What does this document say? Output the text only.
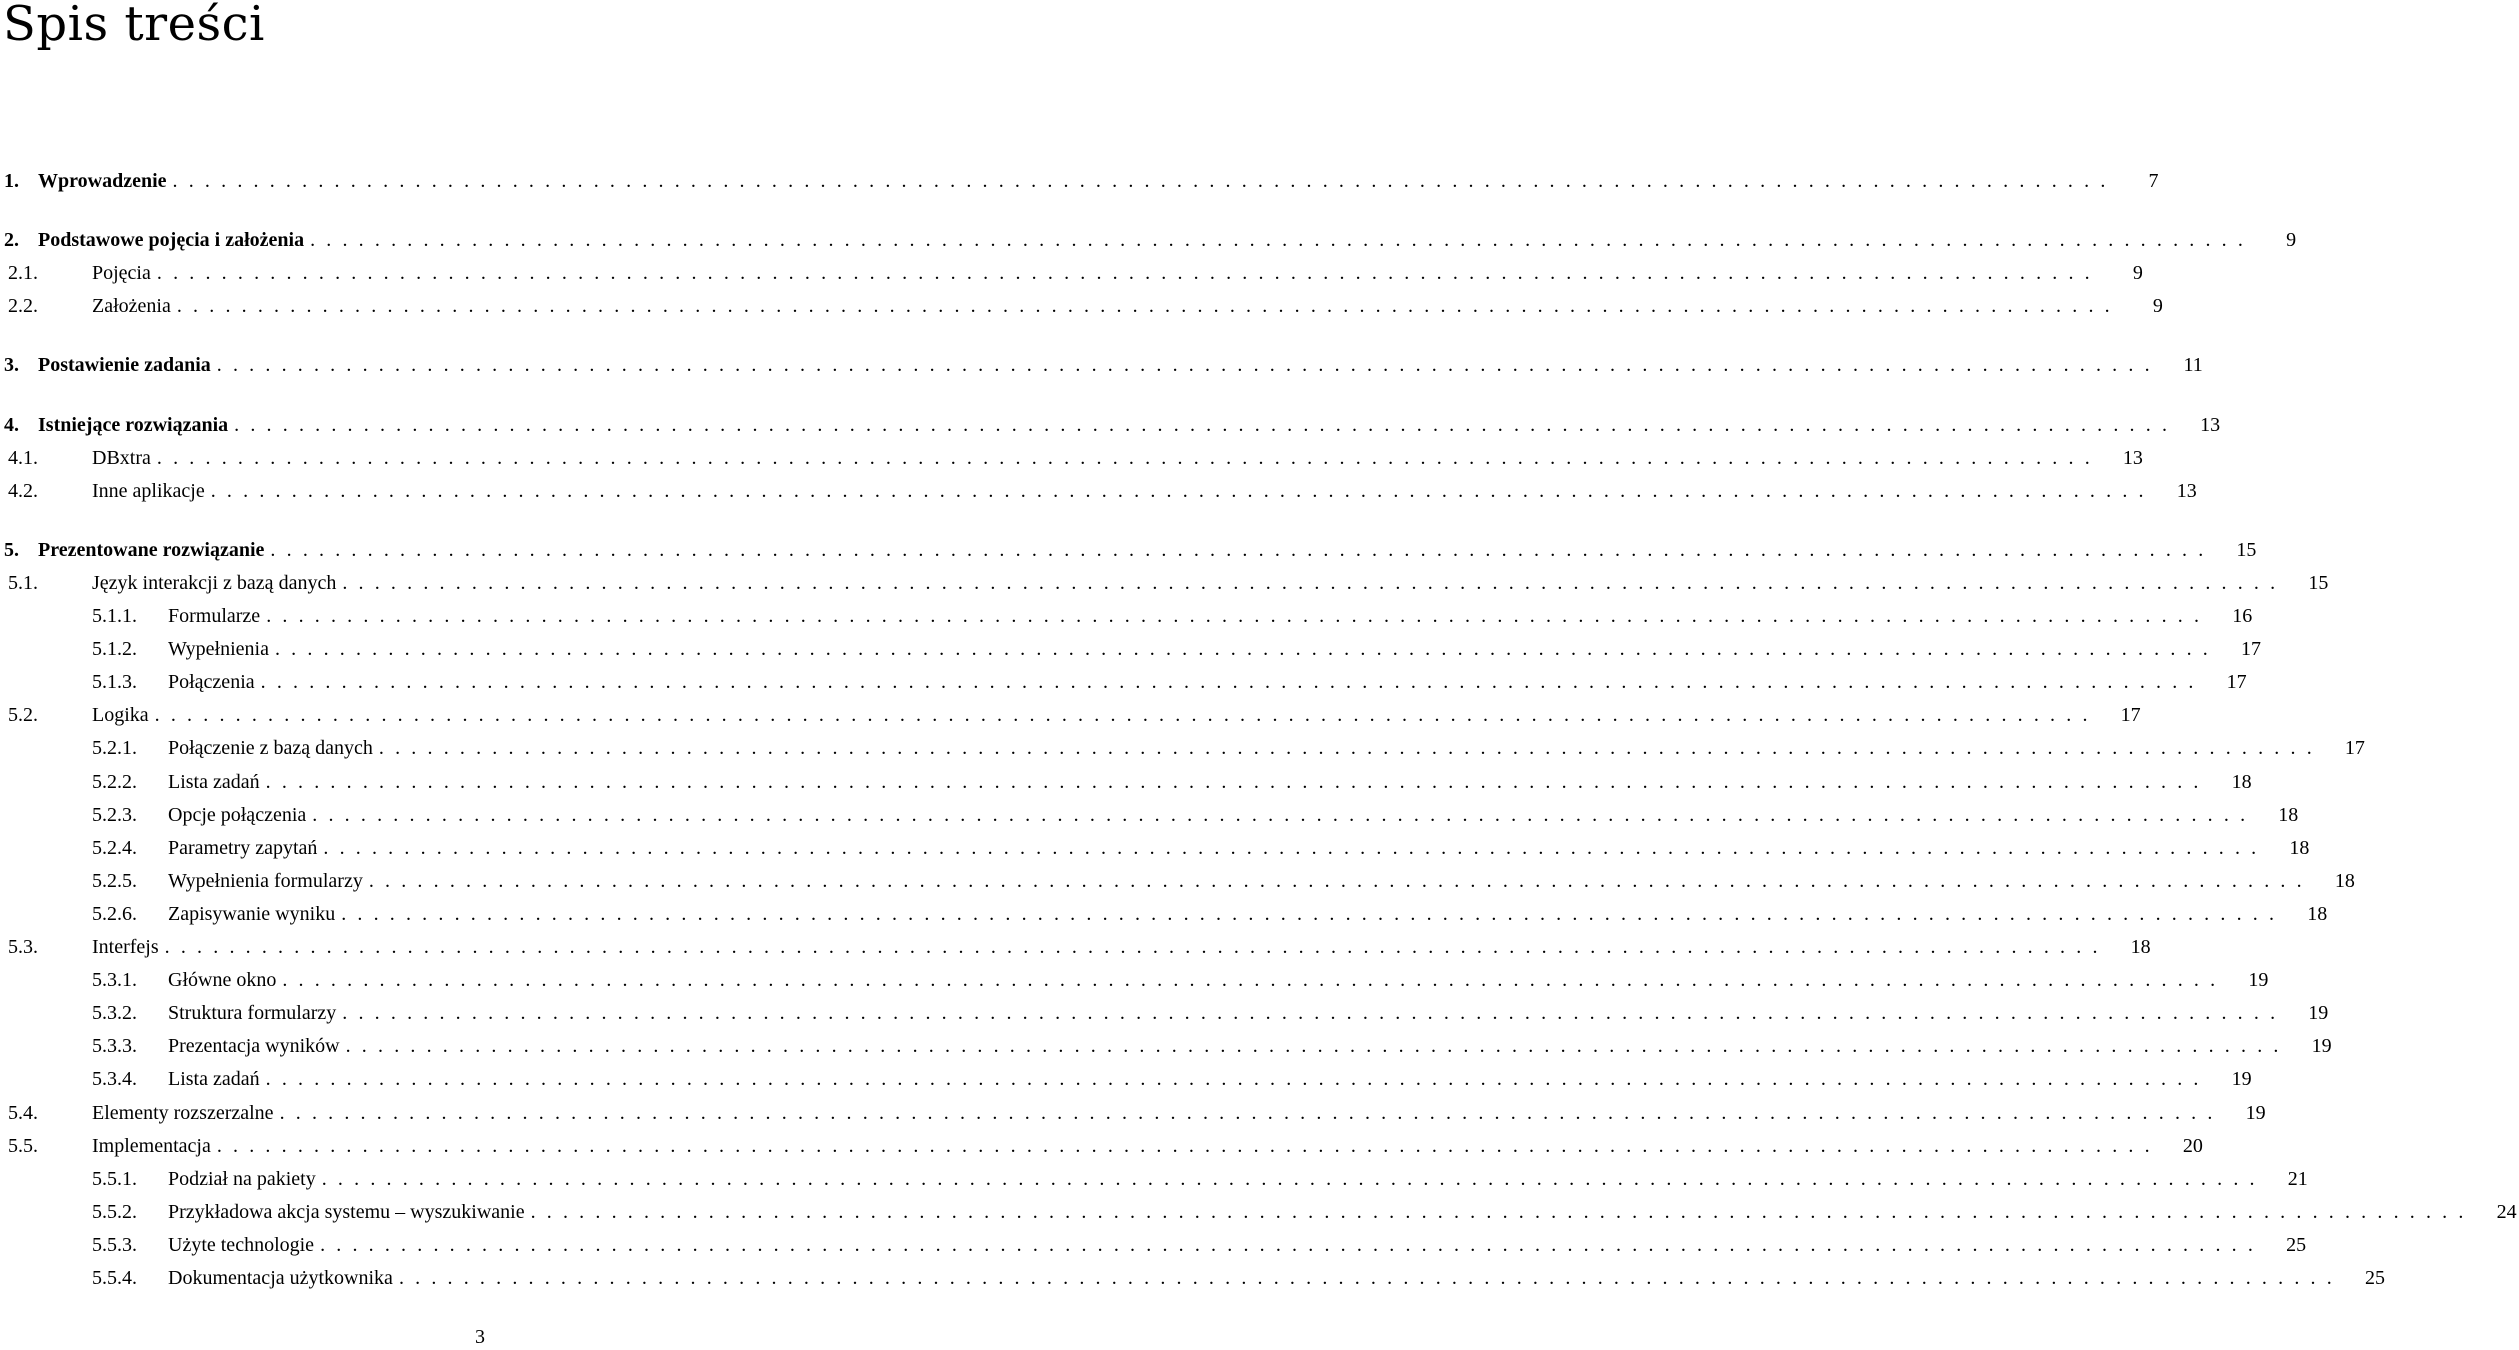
Spis treści
1. Wprowadzenie ........................................................................................................................	7
2. Podstawowe pojęcia i założenia ........................................................................................................................	9
2.1.	Pojęcia ........................................................................................................................	9
2.2.	Założenia ........................................................................................................................	9
3. Postawienie zadania ........................................................................................................................	11
4. Istniejące rozwiązania ........................................................................................................................	13
4.1.	DBxtra ........................................................................................................................	13
4.2.	Inne aplikacje ........................................................................................................................	13
5. Prezentowane rozwiązanie ........................................................................................................................	15
5.1.	Język interakcji z bazą danych ........................................................................................................................	15
5.1.1.	Formularze ........................................................................................................................	16
5.1.2.	Wypełnienia ........................................................................................................................	17
5.1.3.	Połączenia ........................................................................................................................	17
5.2.	Logika ........................................................................................................................	17
5.2.1.	Połączenie z bazą danych ........................................................................................................................	17
5.2.2.	Lista zadań ........................................................................................................................	18
5.2.3.	Opcje połączenia ........................................................................................................................	18
5.2.4.	Parametry zapytań ........................................................................................................................	18
5.2.5.	Wypełnienia formularzy ........................................................................................................................	18
5.2.6.	Zapisywanie wyniku ........................................................................................................................	18
5.3.	Interfejs ........................................................................................................................	18
5.3.1.	Główne okno ........................................................................................................................	19
5.3.2.	Struktura formularzy ........................................................................................................................	19
5.3.3.	Prezentacja wyników ........................................................................................................................	19
5.3.4.	Lista zadań ........................................................................................................................	19
5.4.	Elementy rozszerzalne ........................................................................................................................	19
5.5.	Implementacja ........................................................................................................................	20
5.5.1.	Podział na pakiety ........................................................................................................................	21
5.5.2.	Przykładowa akcja systemu – wyszukiwanie ........................................................................................................................	24
5.5.3.	Użyte technologie ........................................................................................................................	25
5.5.4.	Dokumentacja użytkownika ........................................................................................................................	25
3
